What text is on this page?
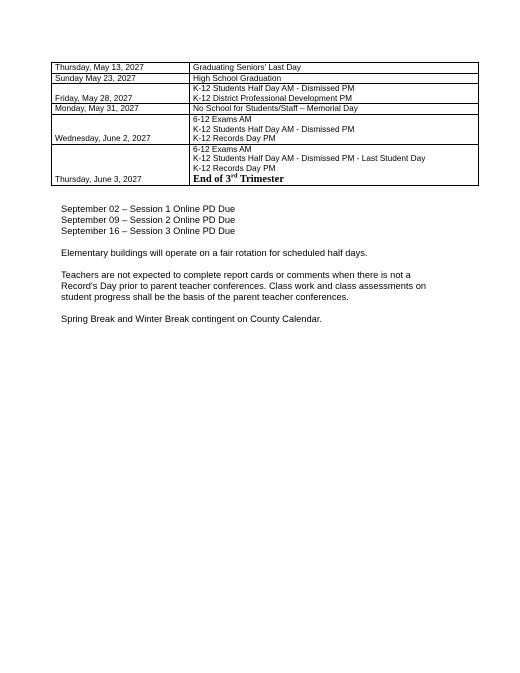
Thursday, May 13, 2027	Graduating Seniors’ Last Day

Sunday May 23, 2027	High School Graduation

Friday, May 28, 2027	K-12 Students Half Day AM - Dismissed PM
K-12 District Professional Development PM

Monday, May 31, 2027	No School for Students/Staff – Memorial Day

Wednesday, June 2, 2027	6-12 Exams AM
K-12 Students Half Day AM - Dismissed PM
K-12 Records Day PM

Thursday, June 3, 2027	6-12 Exams AM
K-12 Students Half Day AM - Dismissed PM - Last Student Day
K-12 Records Day PM
End of 3rd Trimester

September 02 – Session 1 Online PD Due
September 09 – Session 2 Online PD Due
September 16 – Session 3 Online PD Due

Elementary buildings will operate on a fair rotation for scheduled half days.

Teachers are not expected to complete report cards or comments when there is not a Record's Day prior to parent teacher conferences. Class work and class assessments on student progress shall be the basis of the parent teacher conferences.

Spring Break and Winter Break contingent on County Calendar.
